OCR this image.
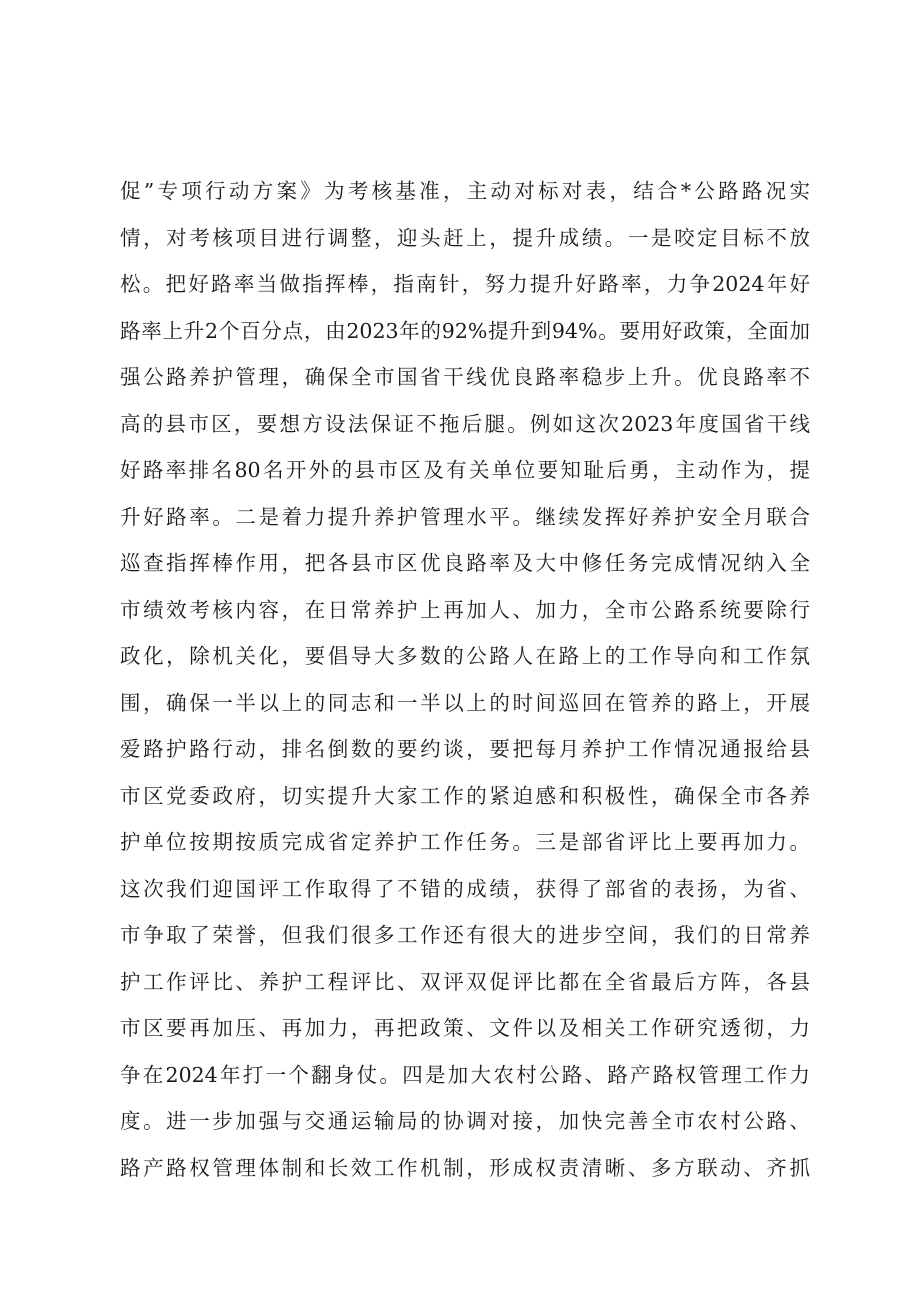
促”专项行动方案》为考核基准，主动对标对表，结合*公路路况实
情，对考核项目进行调整，迎头赶上，提升成绩。一是咬定目标不放
松。把好路率当做指挥棒，指南针，努力提升好路率，力争2024年好
路率上升2个百分点，由2023年的92%提升到94%。要用好政策，全面加
强公路养护管理，确保全市国省干线优良路率稳步上升。优良路率不
高的县市区，要想方设法保证不拖后腿。例如这次2023年度国省干线
好路率排名80名开外的县市区及有关单位要知耻后勇，主动作为，提
升好路率。二是着力提升养护管理水平。继续发挥好养护安全月联合
巡查指挥棒作用，把各县市区优良路率及大中修任务完成情况纳入全
市绩效考核内容，在日常养护上再加人、加力，全市公路系统要除行
政化，除机关化，要倡导大多数的公路人在路上的工作导向和工作氛
围，确保一半以上的同志和一半以上的时间巡回在管养的路上，开展
爱路护路行动，排名倒数的要约谈，要把每月养护工作情况通报给县
市区党委政府，切实提升大家工作的紧迫感和积极性，确保全市各养
护单位按期按质完成省定养护工作任务。三是部省评比上要再加力。
这次我们迎国评工作取得了不错的成绩，获得了部省的表扬，为省、
市争取了荣誉，但我们很多工作还有很大的进步空间，我们的日常养
护工作评比、养护工程评比、双评双促评比都在全省最后方阵，各县
市区要再加压、再加力，再把政策、文件以及相关工作研究透彻，力
争在2024年打一个翻身仗。四是加大农村公路、路产路权管理工作力
度。进一步加强与交通运输局的协调对接，加快完善全市农村公路、
路产路权管理体制和长效工作机制，形成权责清晰、多方联动、齐抓
